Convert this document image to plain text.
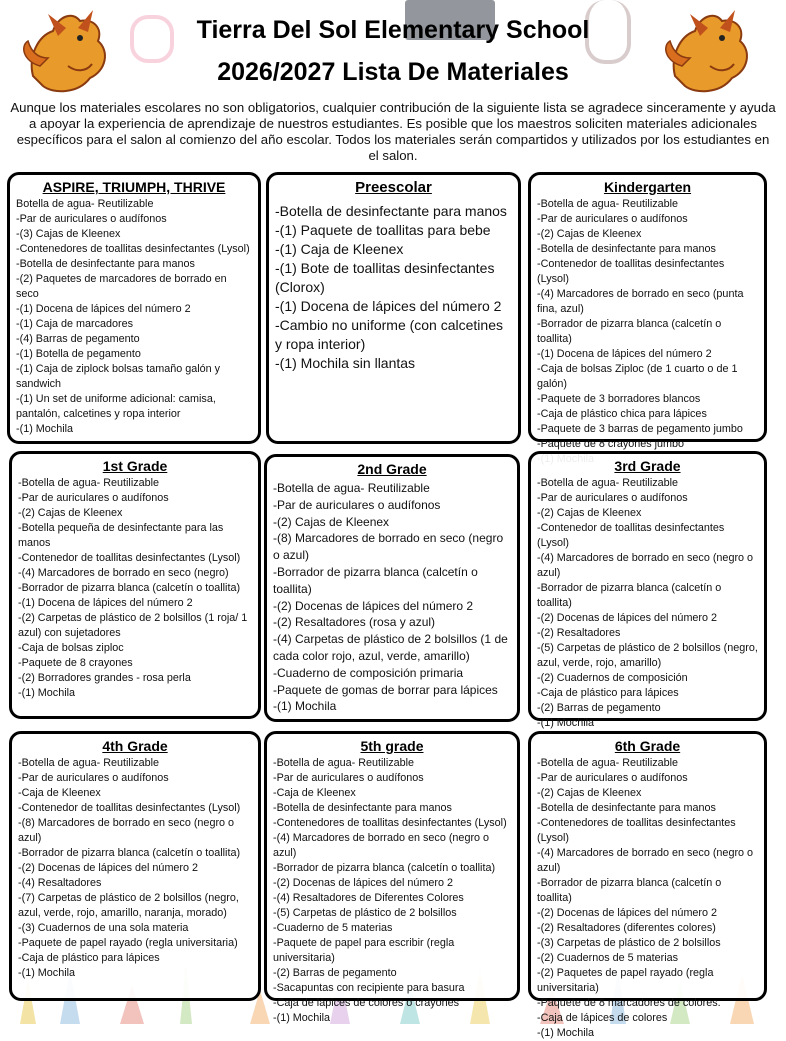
Tierra Del Sol Elementary School
2026/2027 Lista De Materiales
Aunque los materiales escolares no son obligatorios, cualquier contribución de la siguiente lista se agradece sinceramente y ayuda a apoyar la experiencia de aprendizaje de nuestros estudiantes. Es posible que los maestros soliciten materiales adicionales específicos para el salon al comienzo del año escolar. Todos los materiales serán compartidos y utilizados por los estudiantes en el salon.
ASPIRE, TRIUMPH, THRIVE
Botella de agua- Reutilizable
-Par de auriculares o audífonos
-(3) Cajas de Kleenex
-Contenedores de toallitas desinfectantes (Lysol)
-Botella de desinfectante para manos
-(2) Paquetes de marcadores de borrado en seco
-(1) Docena de lápices del número 2
-(1) Caja de marcadores
-(4) Barras de pegamento
-(1) Botella de pegamento
-(1) Caja de ziplock bolsas tamaño galón y sandwich
-(1) Un set de uniforme adicional: camisa, pantalón, calcetines y ropa interior
-(1) Mochila
Preescolar
-Botella de desinfectante para manos
-(1) Paquete de toallitas para bebe
-(1) Caja de Kleenex
-(1) Bote de toallitas desinfectantes (Clorox)
-(1) Docena de lápices del número 2
-Cambio no uniforme (con calcetines y ropa interior)
-(1) Mochila sin llantas
Kindergarten
-Botella de agua- Reutilizable
-Par de auriculares o audífonos
-(2) Cajas de Kleenex
-Botella de desinfectante para manos
-Contenedor de toallitas desinfectantes (Lysol)
-(4) Marcadores de borrado en seco (punta fina, azul)
-Borrador de pizarra blanca (calcetín o toallita)
-(1) Docena de lápices del número 2
-Caja de bolsas Ziploc (de 1 cuarto o de 1 galón)
-Paquete de 3 borradores blancos
-Caja de plástico chica para lápices
-Paquete de 3 barras de pegamento jumbo
-Paquete de 8 crayones jumbo
1st Grade
-Botella de agua- Reutilizable
-Par de auriculares o audífonos
-(2) Cajas de Kleenex
-Botella pequeña de desinfectante para las manos
-Contenedor de toallitas desinfectantes (Lysol)
-(4) Marcadores de borrado en seco (negro)
-Borrador de pizarra blanca (calcetín o toallita)
-(1) Docena de lápices del número 2
-(2) Carpetas de plástico de 2 bolsillos (1 roja/ 1 azul) con sujetadores
-Caja de bolsas ziploc
-Paquete de 8 crayones
-(2) Borradores grandes - rosa perla
-(1) Mochila
2nd Grade
-Botella de agua- Reutilizable
-Par de auriculares o audífonos
-(2) Cajas de Kleenex
-(8) Marcadores de borrado en seco (negro o azul)
-Borrador de pizarra blanca (calcetín o toallita)
-(2) Docenas de lápices del número 2
-(2) Resaltadores (rosa y azul)
-(4) Carpetas de plástico de 2 bolsillos (1 de cada color rojo, azul, verde, amarillo)
-Cuaderno de composición primaria
-Paquete de gomas de borrar para lápices
-(1) Mochila
3rd Grade
-Botella de agua- Reutilizable
-Par de auriculares o audífonos
-(2) Cajas de Kleenex
-Contenedor de toallitas desinfectantes (Lysol)
-(4) Marcadores de borrado en seco (negro o azul)
-Borrador de pizarra blanca (calcetín o toallita)
-(2) Docenas de lápices del número 2
-(2) Resaltadores
-(5) Carpetas de plástico de 2 bolsillos (negro, azul, verde, rojo, amarillo)
-(2) Cuadernos de composición
-Caja de plástico para lápices
-(2) Barras de pegamento
-(1) Mochila
4th Grade
-Botella de agua- Reutilizable
-Par de auriculares o audífonos
-Caja de Kleenex
-Contenedor de toallitas desinfectantes (Lysol)
-(8) Marcadores de borrado en seco (negro o azul)
-Borrador de pizarra blanca (calcetín o toallita)
-(2) Docenas de lápices del número 2
-(4) Resaltadores
-(7) Carpetas de plástico de 2 bolsillos (negro, azul, verde, rojo, amarillo, naranja, morado)
-(3) Cuadernos de una sola materia
-Paquete de papel rayado (regla universitaria)
-Caja de plástico para lápices
-(1) Mochila
5th grade
-Botella de agua- Reutilizable
-Par de auriculares o audífonos
-Caja de Kleenex
-Botella de desinfectante para manos
-Contenedores de toallitas desinfectantes (Lysol)
-(4) Marcadores de borrado en seco (negro o azul)
-Borrador de pizarra blanca (calcetín o toallita)
-(2) Docenas de lápices del número 2
-(4) Resaltadores de Diferentes Colores
-(5) Carpetas de plástico de 2 bolsillos
-Cuaderno de 5 materias
-Paquete de papel para escribir (regla universitaria)
-(2) Barras de pegamento
-Sacapuntas con recipiente para basura
-Caja de lápices de colores o crayones
-(1) Mochila
6th Grade
-Botella de agua- Reutilizable
-Par de auriculares o audífonos
-(2) Cajas de Kleenex
-Botella de desinfectante para manos
-Contenedores de toallitas desinfectantes (Lysol)
-(4) Marcadores de borrado en seco (negro o azul)
-Borrador de pizarra blanca (calcetín o toallita)
-(2) Docenas de lápices del número 2
-(2) Resaltadores (diferentes colores)
-(3) Carpetas de plástico de 2 bolsillos
-(2) Cuadernos de 5 materias
-(2) Paquetes de papel rayado (regla universitaria)
-Paquete de 8 marcadores de colores.
-Caja de lápices de colores
-(1) Mochila
